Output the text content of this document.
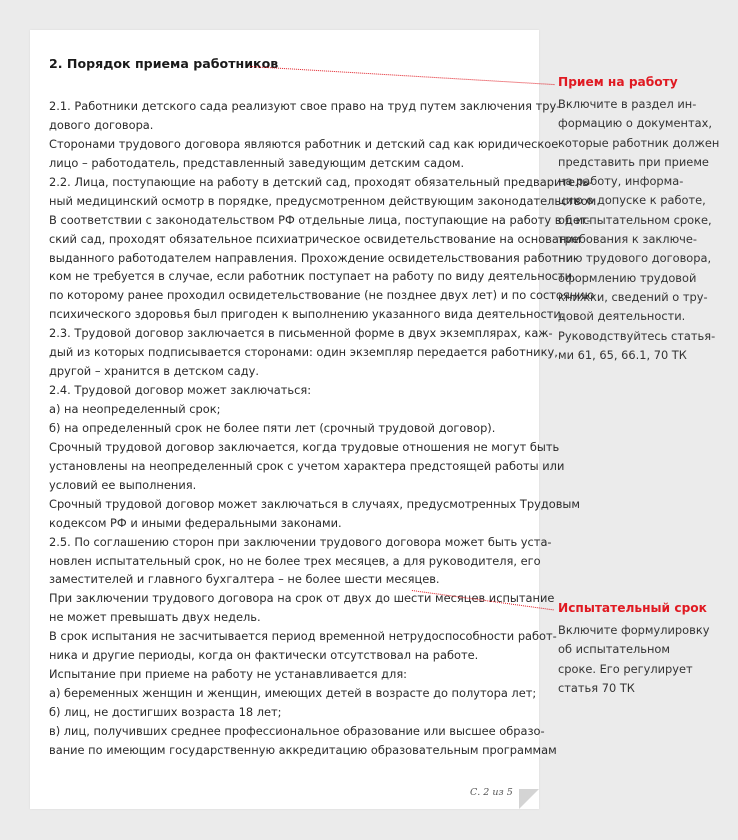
2. Порядок приема работников
2.1. Работники детского сада реализуют свое право на труд путем заключения тру-
дового договора.
Сторонами трудового договора являются работник и детский сад как юридическое
лицо – работодатель, представленный заведующим детским садом.
2.2. Лица, поступающие на работу в детский сад, проходят обязательный предваритель-
ный медицинский осмотр в порядке, предусмотренном действующим законодательством.
В соответствии с законодательством РФ отдельные лица, поступающие на работу в дет-
ский сад, проходят обязательное психиатрическое освидетельствование на основании
выданного работодателем направления. Прохождение освидетельствования работни-
ком не требуется в случае, если работник поступает на работу по виду деятельности,
по которому ранее проходил освидетельствование (не позднее двух лет) и по состоянию
психического здоровья был пригоден к выполнению указанного вида деятельности.
2.3. Трудовой договор заключается в письменной форме в двух экземплярах, каж-
дый из которых подписывается сторонами: один экземпляр передается работнику,
другой – хранится в детском саду.
2.4. Трудовой договор может заключаться:
а) на неопределенный срок;
б) на определенный срок не более пяти лет (срочный трудовой договор).
Срочный трудовой договор заключается, когда трудовые отношения не могут быть
установлены на неопределенный срок с учетом характера предстоящей работы или
условий ее выполнения.
Срочный трудовой договор может заключаться в случаях, предусмотренных Трудовым
кодексом РФ и иными федеральными законами.
2.5. По соглашению сторон при заключении трудового договора может быть уста-
новлен испытательный срок, но не более трех месяцев, а для руководителя, его
заместителей и главного бухгалтера – не более шести месяцев.
При заключении трудового договора на срок от двух до шести месяцев испытание
не может превышать двух недель.
В срок испытания не засчитывается период временной нетрудоспособности работ-
ника и другие периоды, когда он фактически отсутствовал на работе.
Испытание при приеме на работу не устанавливается для:
а) беременных женщин и женщин, имеющих детей в возрасте до полутора лет;
б) лиц, не достигших возраста 18 лет;
в) лиц, получивших среднее профессиональное образование или высшее образо-
вание по имеющим государственную аккредитацию образовательным программам
С. 2 из 5
Прием на работу
Включите в раздел ин-
формацию о документах,
которые работник должен
представить при приеме
на работу, информа-
цию о допуске к работе,
об испытательном сроке,
требования к заключе-
нию трудового договора,
оформлению трудовой
книжки, сведений о тру-
довой деятельности.
Руководствуйтесь статья-
ми 61, 65, 66.1, 70 ТК
Испытательный срок
Включите формулировку
об испытательном
сроке. Его регулирует
статья 70 ТК
